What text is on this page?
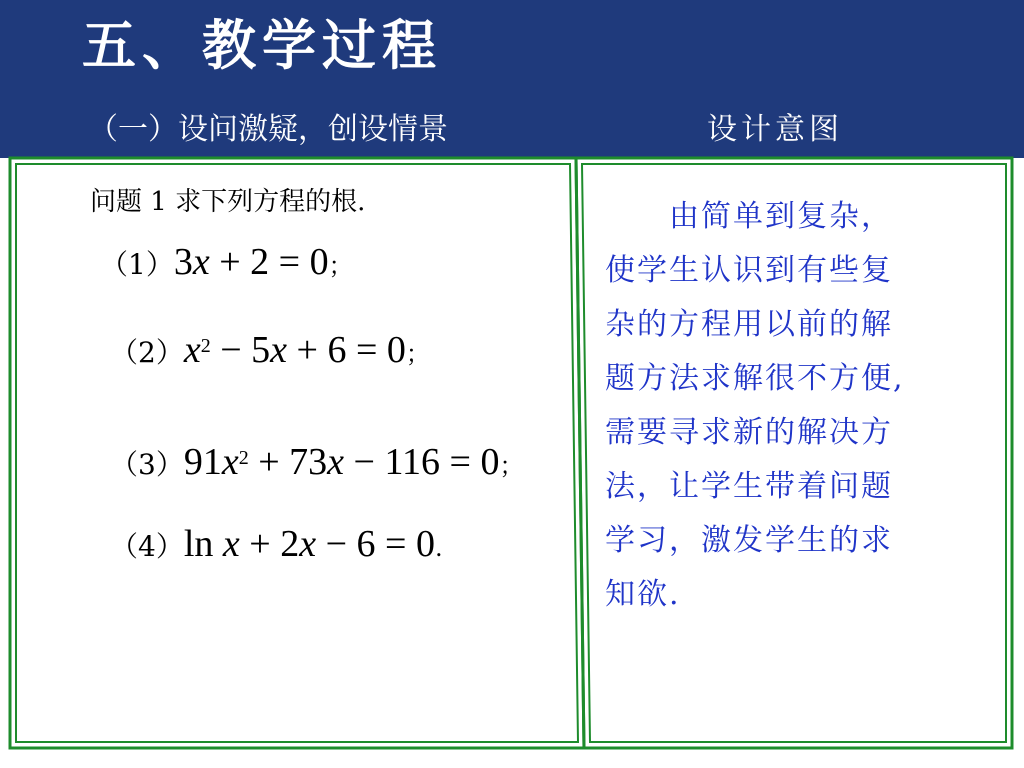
五、教学过程
（一）设问激疑，创设情景	设计意图
问题 1 求下列方程的根.
（1）3x + 2 = 0；
$(2)x^2 - 5x + 6 = 0$；
$(3)91x^2 + 73x - 116 = 0$；
（4）ln x + 2x − 6 = 0.
　　由简单到复杂，
使学生认识到有些复
杂的方程用以前的解
题方法求解很不方便,
需要寻求新的解决方
法，让学生带着问题
学习，激发学生的求
知欲.
